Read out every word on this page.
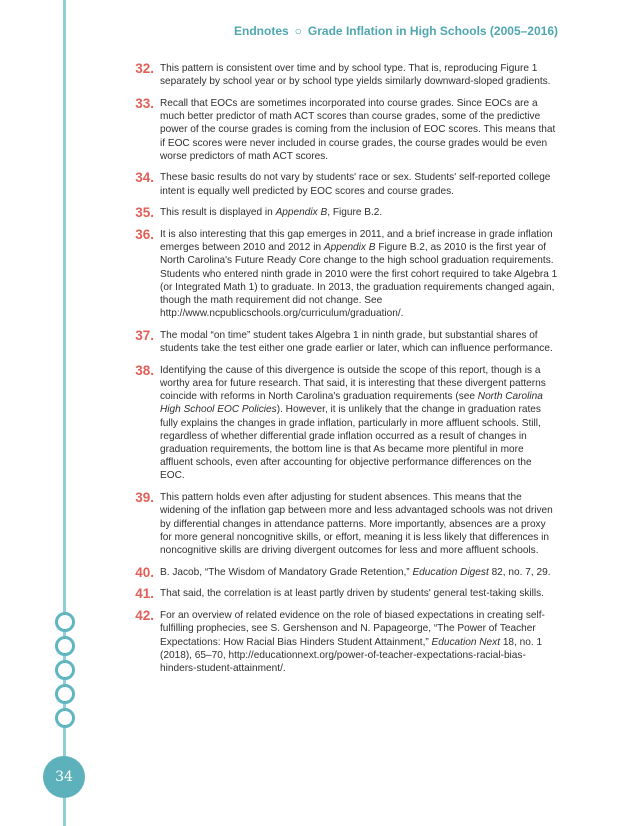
34
Endnotes ○ Grade Inflation in High Schools (2005–2016)
32. This pattern is consistent over time and by school type. That is, reproducing Figure 1 separately by school year or by school type yields similarly downward-sloped gradients.
33. Recall that EOCs are sometimes incorporated into course grades. Since EOCs are a much better predictor of math ACT scores than course grades, some of the predictive power of the course grades is coming from the inclusion of EOC scores. This means that if EOC scores were never included in course grades, the course grades would be even worse predictors of math ACT scores.
34. These basic results do not vary by students' race or sex. Students' self-reported college intent is equally well predicted by EOC scores and course grades.
35. This result is displayed in Appendix B, Figure B.2.
36. It is also interesting that this gap emerges in 2011, and a brief increase in grade inflation emerges between 2010 and 2012 in Appendix B Figure B.2, as 2010 is the first year of North Carolina's Future Ready Core change to the high school graduation requirements. Students who entered ninth grade in 2010 were the first cohort required to take Algebra 1 (or Integrated Math 1) to graduate. In 2013, the graduation requirements changed again, though the math requirement did not change. See http://www.ncpublicschools.org/curriculum/graduation/.
37. The modal “on time” student takes Algebra 1 in ninth grade, but substantial shares of students take the test either one grade earlier or later, which can influence performance.
38. Identifying the cause of this divergence is outside the scope of this report, though is a worthy area for future research. That said, it is interesting that these divergent patterns coincide with reforms in North Carolina's graduation requirements (see North Carolina High School EOC Policies). However, it is unlikely that the change in graduation rates fully explains the changes in grade inflation, particularly in more affluent schools. Still, regardless of whether differential grade inflation occurred as a result of changes in graduation requirements, the bottom line is that As became more plentiful in more affluent schools, even after accounting for objective performance differences on the EOC.
39. This pattern holds even after adjusting for student absences. This means that the widening of the inflation gap between more and less advantaged schools was not driven by differential changes in attendance patterns. More importantly, absences are a proxy for more general noncognitive skills, or effort, meaning it is less likely that differences in noncognitive skills are driving divergent outcomes for less and more affluent schools.
40. B. Jacob, “The Wisdom of Mandatory Grade Retention,” Education Digest 82, no. 7, 29.
41. That said, the correlation is at least partly driven by students' general test-taking skills.
42. For an overview of related evidence on the role of biased expectations in creating self-fulfilling prophecies, see S. Gershenson and N. Papageorge, “The Power of Teacher Expectations: How Racial Bias Hinders Student Attainment,” Education Next 18, no. 1 (2018), 65–70, http://educationnext.org/power-of-teacher-expectations-racial-bias-hinders-student-attainment/.
